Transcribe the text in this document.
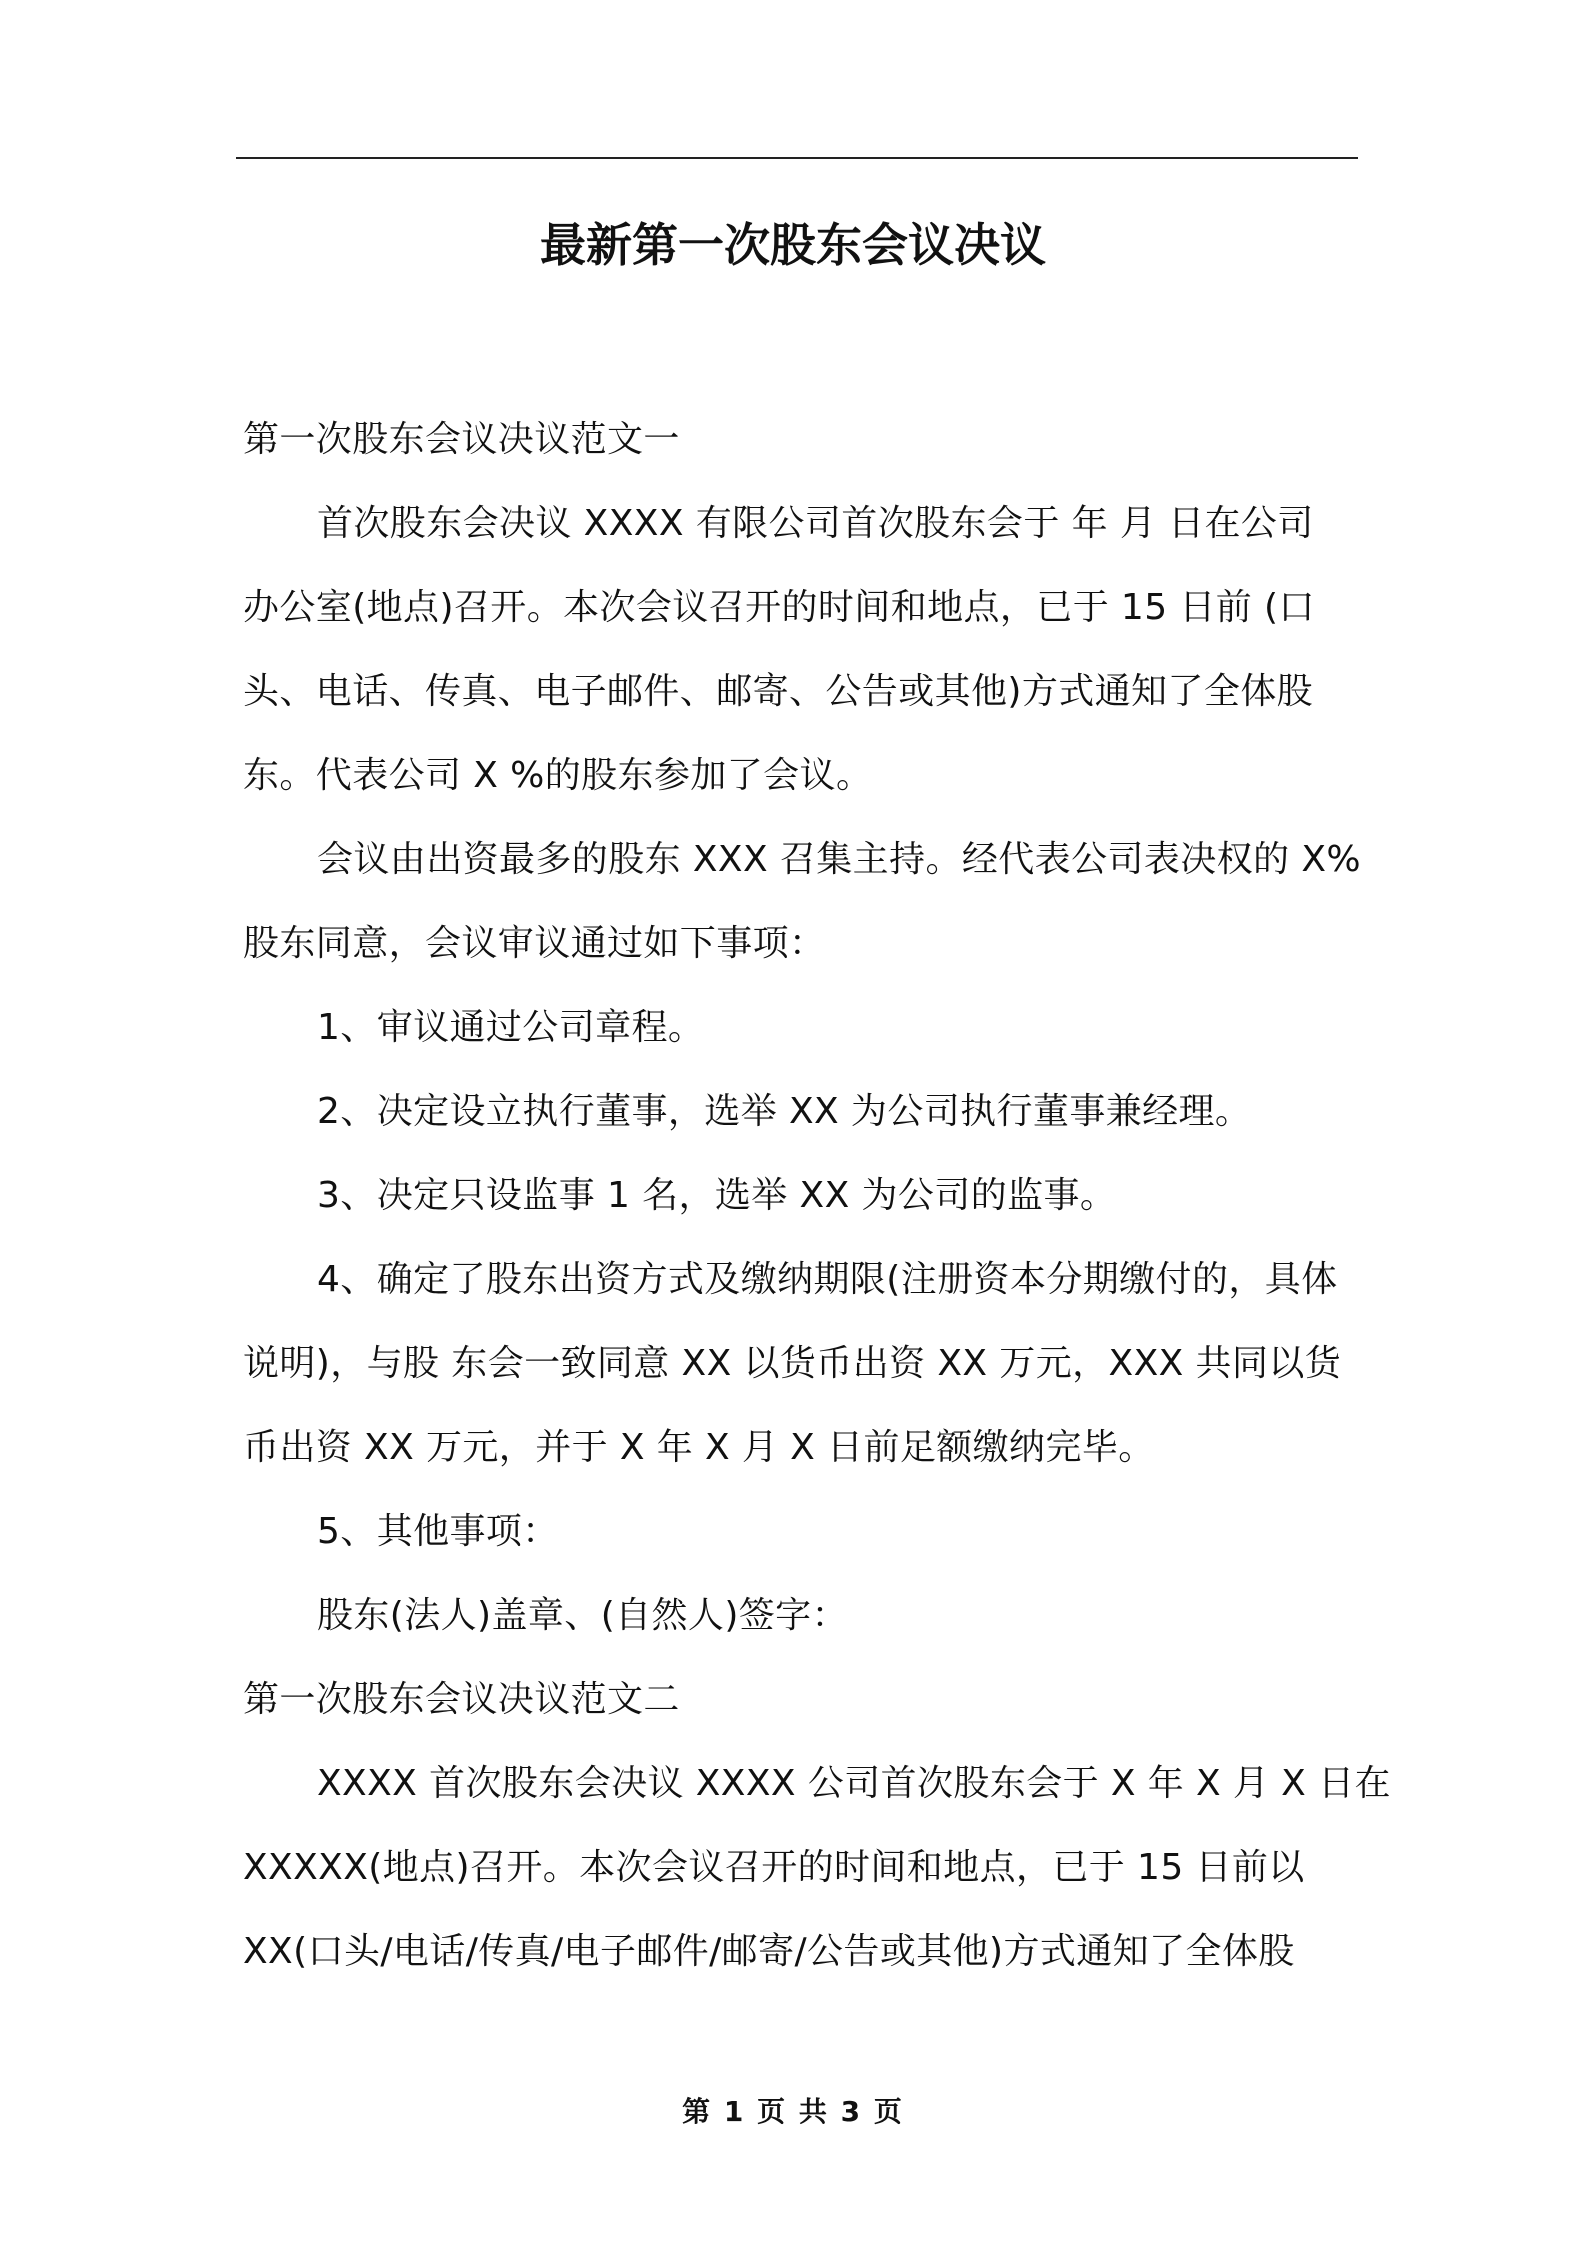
最新第一次股东会议决议
第一次股东会议决议范文一
首次股东会决议 XXXX 有限公司首次股东会于 年 月 日在公司
办公室(地点)召开。本次会议召开的时间和地点，已于 15 日前 (口
头、电话、传真、电子邮件、邮寄、公告或其他)方式通知了全体股
东。代表公司 X %的股东参加了会议。
会议由出资最多的股东 XXX 召集主持。经代表公司表决权的 X%
股东同意，会议审议通过如下事项：
1、审议通过公司章程。
2、决定设立执行董事，选举 XX 为公司执行董事兼经理。
3、决定只设监事 1 名，选举 XX 为公司的监事。
4、确定了股东出资方式及缴纳期限(注册资本分期缴付的，具体
说明)，与股 东会一致同意 XX 以货币出资 XX 万元，XXX 共同以货
币出资 XX 万元，并于 X 年 X 月 X 日前足额缴纳完毕。
5、其他事项：
股东(法人)盖章、(自然人)签字：
第一次股东会议决议范文二
XXXX 首次股东会决议 XXXX 公司首次股东会于 X 年 X 月 X 日在
XXXXX(地点)召开。本次会议召开的时间和地点，已于 15 日前以
XX(口头/电话/传真/电子邮件/邮寄/公告或其他)方式通知了全体股
第 1 页 共 3 页
